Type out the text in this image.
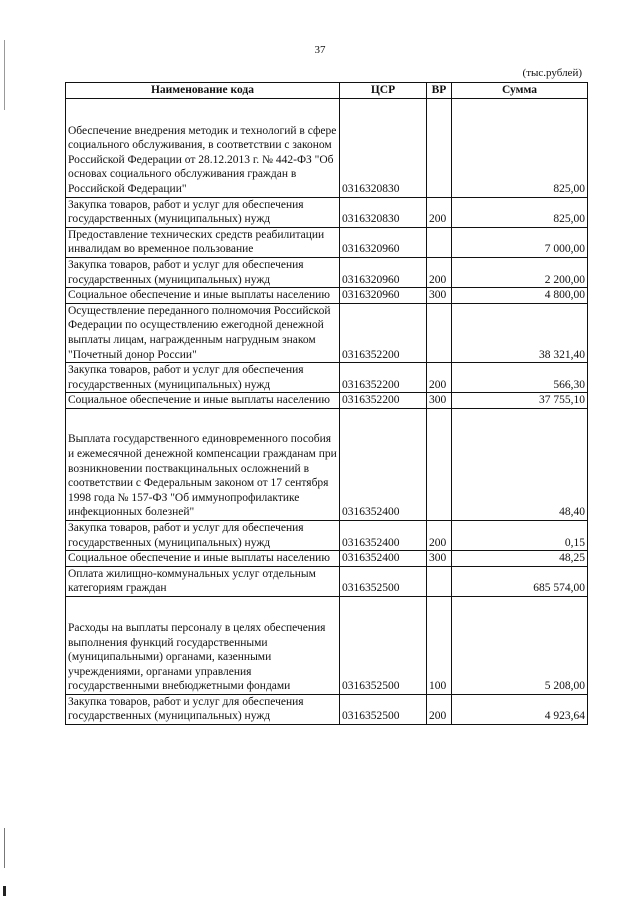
37
(тыс.рублей)
Наименование кода	ЦСР	ВР	Сумма
Обеспечение внедрения методик и технологий в сфере социального обслуживания, в соответствии с законом Российской Федерации от 28.12.2013 г. № 442-ФЗ "Об основах социального обслуживания граждан в Российской Федерации"	0316320830		825,00
Закупка товаров, работ и услуг для обеспечения государственных (муниципальных) нужд	0316320830	200	825,00
Предоставление технических средств реабилитации инвалидам во временное пользование	0316320960		7 000,00
Закупка товаров, работ и услуг для обеспечения государственных (муниципальных) нужд	0316320960	200	2 200,00
Социальное обеспечение и иные выплаты населению	0316320960	300	4 800,00
Осуществление переданного полномочия Российской Федерации по осуществлению ежегодной денежной выплаты лицам, награжденным нагрудным знаком "Почетный донор России"	0316352200		38 321,40
Закупка товаров, работ и услуг для обеспечения государственных (муниципальных) нужд	0316352200	200	566,30
Социальное обеспечение и иные выплаты населению	0316352200	300	37 755,10
Выплата государственного единовременного пособия и ежемесячной денежной компенсации гражданам при возникновении поствакцинальных осложнений в соответствии с Федеральным законом от 17 сентября 1998 года № 157-ФЗ "Об иммунопрофилактике инфекционных болезней"	0316352400		48,40
Закупка товаров, работ и услуг для обеспечения государственных (муниципальных) нужд	0316352400	200	0,15
Социальное обеспечение и иные выплаты населению	0316352400	300	48,25
Оплата жилищно-коммунальных услуг отдельным категориям граждан	0316352500		685 574,00
Расходы на выплаты персоналу в целях обеспечения выполнения функций государственными (муниципальными) органами, казенными учреждениями, органами управления государственными внебюджетными фондами	0316352500	100	5 208,00
Закупка товаров, работ и услуг для обеспечения государственных (муниципальных) нужд	0316352500	200	4 923,64
